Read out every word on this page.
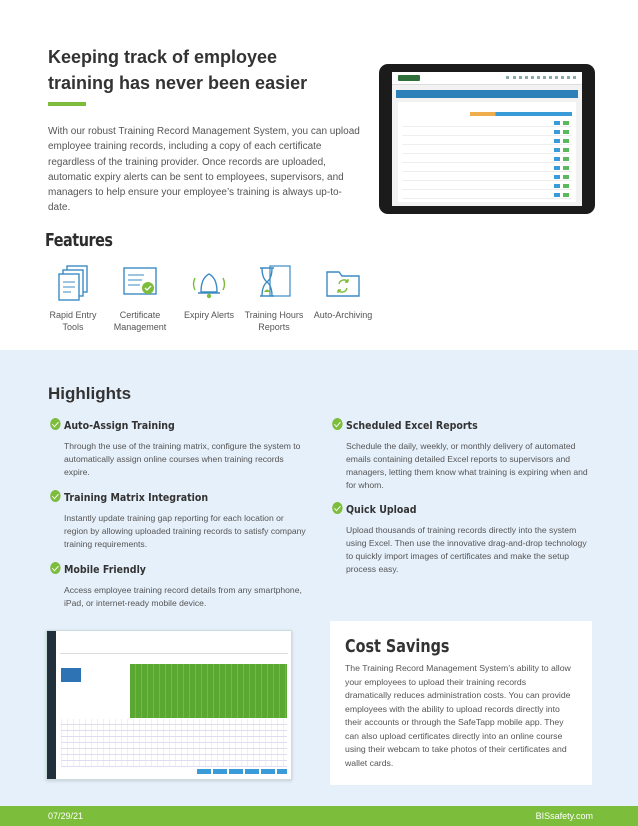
Keeping track of employee training has never been easier
With our robust Training Record Management System, you can upload employee training records, including a copy of each certificate regardless of the training provider. Once records are uploaded, automatic expiry alerts can be sent to employees, supervisors, and managers to help ensure your employee’s training is always up-to-date.
Features
Rapid Entry Tools
Certificate Management
Expiry Alerts	Training Hours Reports
Auto-Archiving
Highlights
Auto-Assign Training
Through the use of the training matrix, configure the system to automatically assign online courses when training records expire.
Training Matrix Integration
Instantly update training gap reporting for each location or region by allowing uploaded training records to satisfy company training requirements.
Mobile Friendly
Access employee training record details from any smartphone, iPad, or internet-ready mobile device.
Scheduled Excel Reports
Schedule the daily, weekly, or monthly delivery of automated emails containing detailed Excel reports to supervisors and managers, letting them know what training is expiring when and for whom.
Quick Upload
Upload thousands of training records directly into the system using Excel. Then use the innovative drag-and-drop technology to quickly import images of certificates and make the setup process easy.
Cost Savings
The Training Record Management System’s ability to allow your employees to upload their training records dramatically reduces administration costs. You can provide employees with the ability to upload records directly into their accounts or through the SafeTapp mobile app. They can also upload certificates directly into an online course using their webcam to take photos of their certificates and wallet cards.
07/29/21	BISsafety.com
